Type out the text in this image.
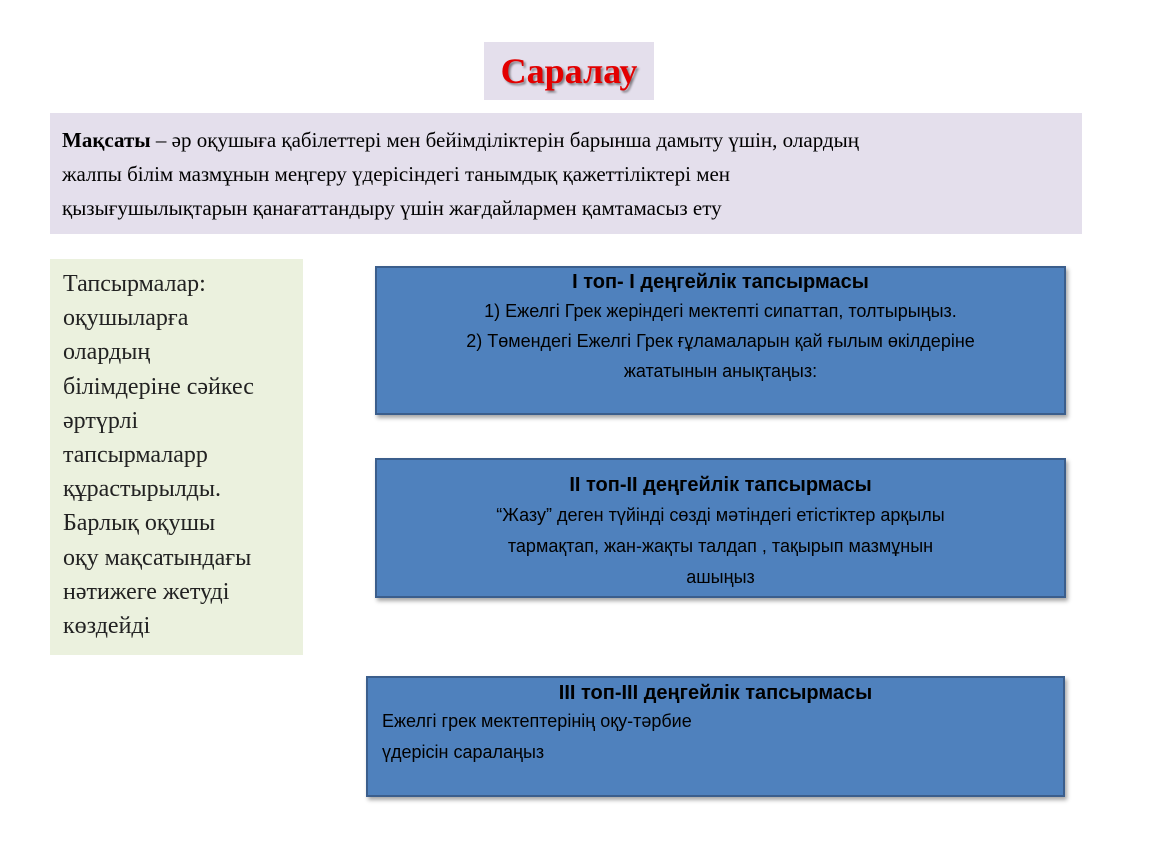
Саралау
Мақсаты – әр оқушыға қабілеттері мен бейімділіктерін барынша дамыту үшін, олардың
жалпы білім мазмұнын меңгеру үдерісіндегі танымдық қажеттіліктері мен
қызығушылықтарын қанағаттандыру үшін жағдайлармен қамтамасыз ету
Тапсырмалар:
оқушыларға
олардың
білімдеріне сәйкес
әртүрлі
тапсырмаларр
құрастырылды.
Барлық оқушы
оқу мақсатындағы
нәтижеге жетуді
көздейді
І топ- І деңгейлік тапсырмасы
1) Ежелгі Грек жеріндегі мектепті сипаттап, толтырыңыз.
2) Төмендегі Ежелгі Грек ғұламаларын қай ғылым өкілдеріне
жататынын анықтаңыз:
ІІ топ-ІІ деңгейлік тапсырмасы
“Жазу” деген түйінді сөзді мәтіндегі етістіктер арқылы
тармақтап, жан-жақты талдап , тақырып мазмұнын
ашыңыз
ІІІ топ-ІІІ деңгейлік тапсырмасы
Ежелгі грек мектептерінің оқу-тәрбие
үдерісін саралаңыз
